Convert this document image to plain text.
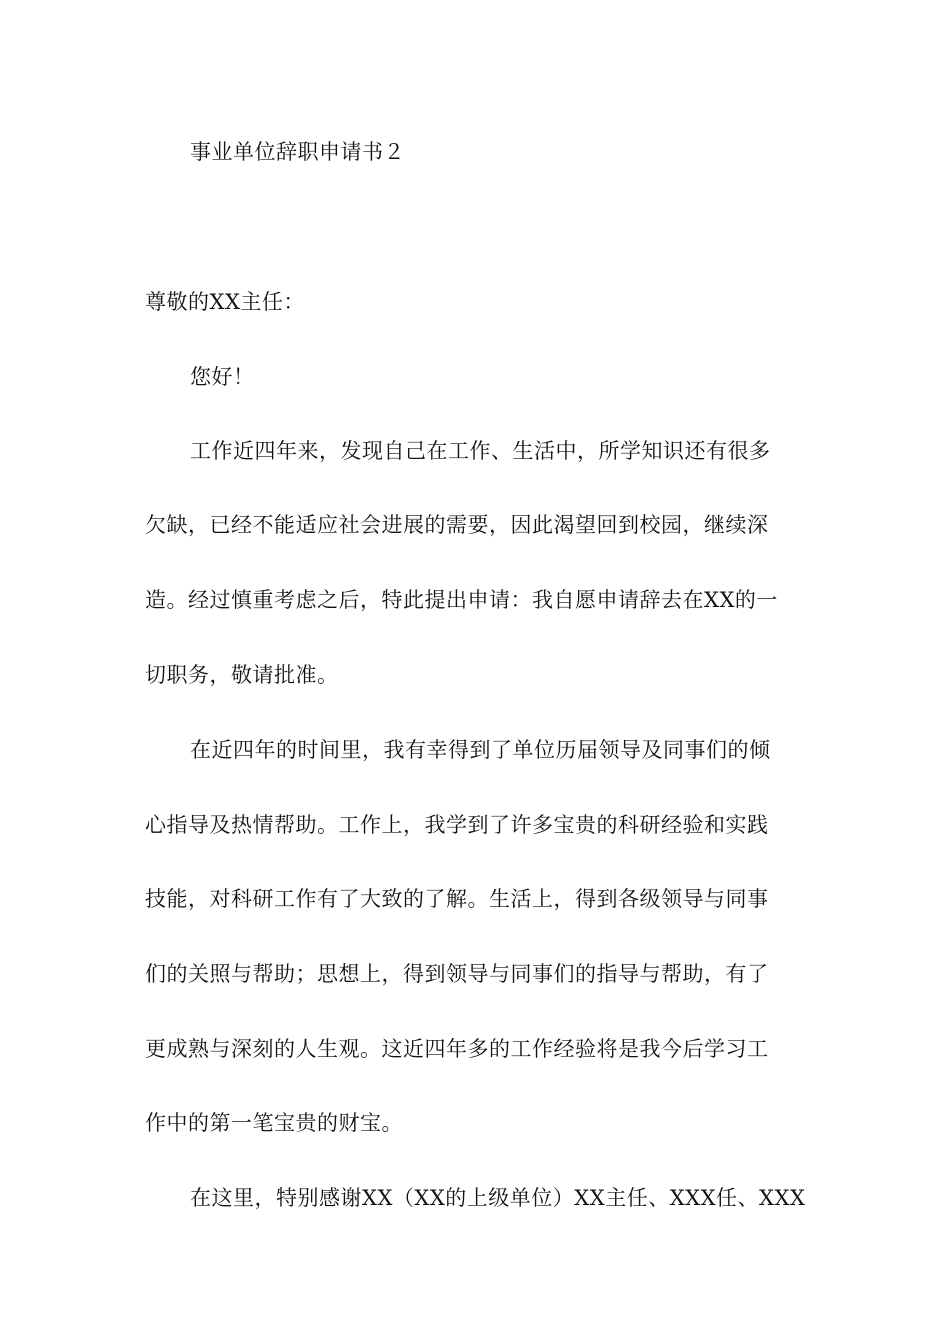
事业单位辞职申请书２

尊敬的XX主任：

您好！

工作近四年来，发现自己在工作、生活中，所学知识还有很多

欠缺，已经不能适应社会进展的需要，因此渴望回到校园，继续深

造。经过慎重考虑之后，特此提出申请：我自愿申请辞去在XX的一

切职务，敬请批准。

在近四年的时间里，我有幸得到了单位历届领导及同事们的倾

心指导及热情帮助。工作上，我学到了许多宝贵的科研经验和实践

技能，对科研工作有了大致的了解。生活上，得到各级领导与同事

们的关照与帮助；思想上，得到领导与同事们的指导与帮助，有了

更成熟与深刻的人生观。这近四年多的工作经验将是我今后学习工

作中的第一笔宝贵的财宝。

在这里，特别感谢XX（XX的上级单位）XX主任、XXX任、XXX
